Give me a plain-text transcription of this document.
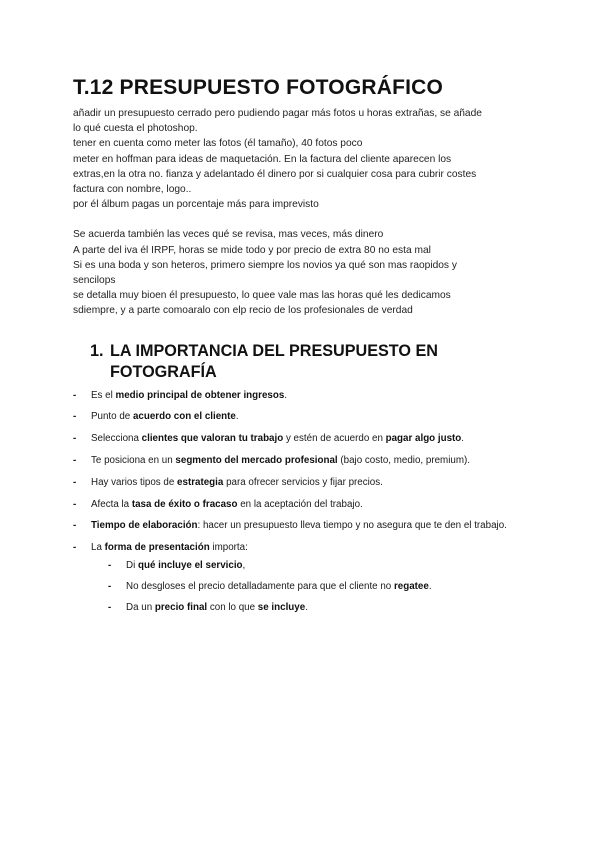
T.12 PRESUPUESTO FOTOGRÁFICO

añadir un presupuesto cerrado pero pudiendo pagar más fotos u horas extrañas, se añade

lo qué cuesta el photoshop.

tener en cuenta como meter las fotos (él tamaño), 40 fotos poco

meter en hoffman para ideas de maquetación. En la factura del cliente aparecen los

extras,en la otra no. fianza y adelantado él dinero por si cualquier cosa para cubrir costes

factura con nombre, logo..

por él álbum pagas un porcentaje más para imprevisto

Se acuerda también las veces qué se revisa, mas veces, más dinero

A parte del iva él IRPF, horas se mide todo y por precio de extra 80 no esta mal

Si es una boda y son heteros, primero siempre los novios ya qué son mas raopidos y

sencilops

se detalla muy bioen él presupuesto, lo quee vale mas las horas qué les dedicamos

sdiempre, y a parte comoaralo con elp recio de los profesionales de verdad

1. LA IMPORTANCIA DEL PRESUPUESTO EN
FOTOGRAFÍA
- Es el medio principal de obtener ingresos.
- Punto de acuerdo con el cliente.
- Selecciona clientes que valoran tu trabajo y estén de acuerdo en pagar algo justo.
- Te posiciona en un segmento del mercado profesional (bajo costo, medio, premium).
- Hay varios tipos de estrategia para ofrecer servicios y fijar precios.
- Afecta la tasa de éxito o fracaso en la aceptación del trabajo.
- Tiempo de elaboración: hacer un presupuesto lleva tiempo y no asegura que te den el trabajo.
- La forma de presentación importa:
- Di qué incluye el servicio,
- No desgloses el precio detalladamente para que el cliente no regatee.
- Da un precio final con lo que se incluye.
